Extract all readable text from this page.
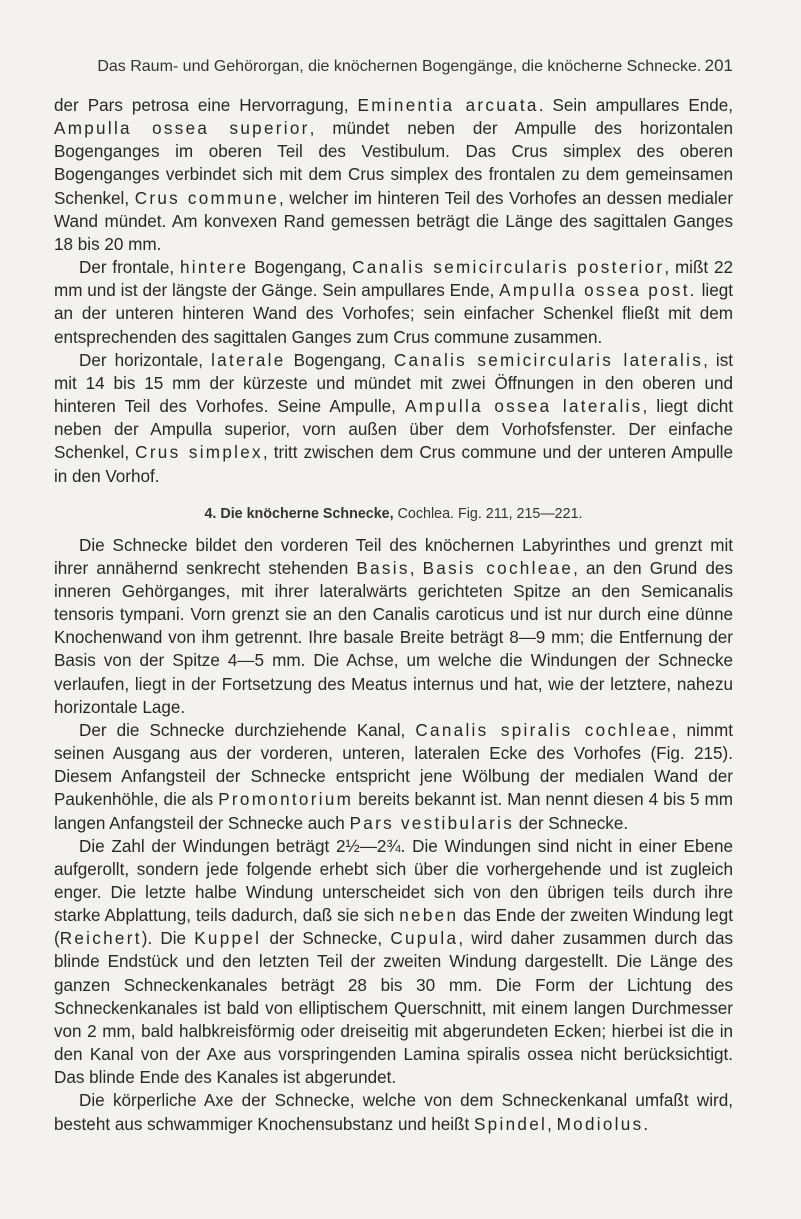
Das Raum- und Gehörorgan, die knöchernen Bogengänge, die knöcherne Schnecke. 201

der Pars petrosa eine Hervorragung, Eminentia arcuata. Sein ampullares Ende, Ampulla ossea superior, mündet neben der Ampulle des horizontalen Bogenganges im oberen Teil des Vestibulum. Das Crus simplex des oberen Bogenganges verbindet sich mit dem Crus simplex des frontalen zu dem gemeinsamen Schenkel, Crus commune, welcher im hinteren Teil des Vorhofes an dessen medialer Wand mündet. Am konvexen Rand gemessen beträgt die Länge des sagittalen Ganges 18 bis 20 mm.

Der frontale, hintere Bogengang, Canalis semicircularis posterior, mißt 22 mm und ist der längste der Gänge. Sein ampullares Ende, Ampulla ossea post. liegt an der unteren hinteren Wand des Vorhofes; sein einfacher Schenkel fließt mit dem entsprechenden des sagittalen Ganges zum Crus commune zusammen.

Der horizontale, laterale Bogengang, Canalis semicircularis lateralis, ist mit 14 bis 15 mm der kürzeste und mündet mit zwei Öffnungen in den oberen und hinteren Teil des Vorhofes. Seine Ampulle, Ampulla ossea lateralis, liegt dicht neben der Ampulla superior, vorn außen über dem Vorhofsfenster. Der einfache Schenkel, Crus simplex, tritt zwischen dem Crus commune und der unteren Ampulle in den Vorhof.

4. Die knöcherne Schnecke, Cochlea. Fig. 211, 215—221.

Die Schnecke bildet den vorderen Teil des knöchernen Labyrinthes und grenzt mit ihrer annähernd senkrecht stehenden Basis, Basis cochleae, an den Grund des inneren Gehörganges, mit ihrer lateralwärts gerichteten Spitze an den Semicanalis tensoris tympani. Vorn grenzt sie an den Canalis caroticus und ist nur durch eine dünne Knochenwand von ihm getrennt. Ihre basale Breite beträgt 8—9 mm; die Entfernung der Basis von der Spitze 4—5 mm. Die Achse, um welche die Windungen der Schnecke verlaufen, liegt in der Fortsetzung des Meatus internus und hat, wie der letztere, nahezu horizontale Lage.

Der die Schnecke durchziehende Kanal, Canalis spiralis cochleae, nimmt seinen Ausgang aus der vorderen, unteren, lateralen Ecke des Vorhofes (Fig. 215). Diesem Anfangsteil der Schnecke entspricht jene Wölbung der medialen Wand der Paukenhöhle, die als Promontorium bereits bekannt ist. Man nennt diesen 4 bis 5 mm langen Anfangsteil der Schnecke auch Pars vestibularis der Schnecke.

Die Zahl der Windungen beträgt 2½—2¾. Die Windungen sind nicht in einer Ebene aufgerollt, sondern jede folgende erhebt sich über die vorhergehende und ist zugleich enger. Die letzte halbe Windung unterscheidet sich von den übrigen teils durch ihre starke Abplattung, teils dadurch, daß sie sich neben das Ende der zweiten Windung legt (Reichert). Die Kuppel der Schnecke, Cupula, wird daher zusammen durch das blinde Endstück und den letzten Teil der zweiten Windung dargestellt. Die Länge des ganzen Schneckenkanales beträgt 28 bis 30 mm. Die Form der Lichtung des Schneckenkanales ist bald von elliptischem Querschnitt, mit einem langen Durchmesser von 2 mm, bald halbkreisförmig oder dreiseitig mit abgerundeten Ecken; hierbei ist die in den Kanal von der Axe aus vorspringenden Lamina spiralis ossea nicht berücksichtigt. Das blinde Ende des Kanales ist abgerundet.

Die körperliche Axe der Schnecke, welche von dem Schneckenkanal umfaßt wird, besteht aus schwammiger Knochensubstanz und heißt Spindel, Modiolus.
